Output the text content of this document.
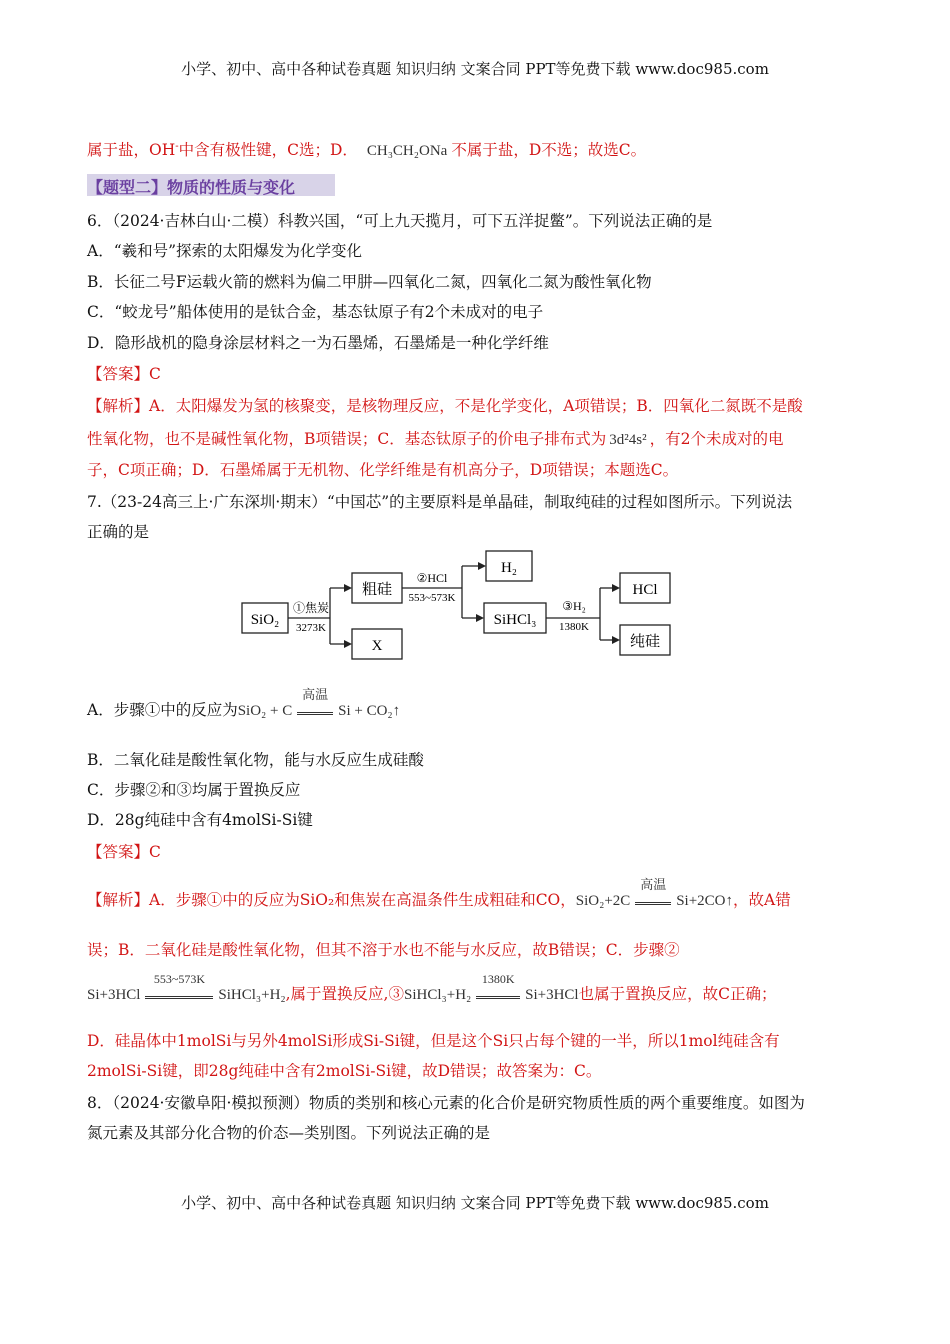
小学、初中、高中各种试卷真题 知识归纳 文案合同 PPT等免费下载 www.doc985.com
属于盐，OH-中含有极性键，C选；D． CH₃CH₂ONa 不属于盐，D不选；故选C。
【题型二】物质的性质与变化
6．（2024·吉林白山·二模）科教兴国，“可上九天揽月，可下五洋捉鳖”。下列说法正确的是
A．“羲和号”探索的太阳爆发为化学变化
B．长征二号F运载火箭的燃料为偏二甲肼—四氧化二氮，四氧化二氮为酸性氧化物
C．“蛟龙号”船体使用的是钛合金，基态钛原子有2个未成对的电子
D．隐形战机的隐身涂层材料之一为石墨烯，石墨烯是一种化学纤维
【答案】C
【解析】A．太阳爆发为氢的核聚变，是核物理反应，不是化学变化，A项错误；B．四氧化二氮既不是酸
性氧化物，也不是碱性氧化物，B项错误；C．基态钛原子的价电子排布式为 3d²4s² ，有2个未成对的电
子，C项正确；D．石墨烯属于无机物、化学纤维是有机高分子，D项错误；本题选C。
7.（23-24高三上·广东深圳·期末）“中国芯”的主要原料是单晶硅，制取纯硅的过程如图所示。下列说法
正确的是
SiO₂
①焦炭
3273K
粗硅
X
②HCl
553~573K
H₂
SiHCl₃
③H₂
1380K
HCl
纯硅
A．步骤①中的反应为SiO₂ + C
高温
Si + CO₂↑
B．二氧化硅是酸性氧化物，能与水反应生成硅酸
C．步骤②和③均属于置换反应
D．28g纯硅中含有4molSi-Si键
【答案】C
【解析】A．步骤①中的反应为SiO₂和焦炭在高温条件生成粗硅和CO，SiO₂+2C
高温
Si+2CO↑，故A错
误；B．二氧化硅是酸性氧化物，但其不溶于水也不能与水反应，故B错误；C．步骤②
Si+3HCl
553~573K
SiHCl₃+H₂,属于置换反应,③SiHCl₃+H₂
1380K
Si+3HCl也属于置换反应，故C正确；
D．硅晶体中1molSi与另外4molSi形成Si-Si键，但是这个Si只占每个键的一半，所以1mol纯硅含有
2molSi-Si键，即28g纯硅中含有2molSi-Si键，故D错误；故答案为：C。
8．（2024·安徽阜阳·模拟预测）物质的类别和核心元素的化合价是研究物质性质的两个重要维度。如图为
氮元素及其部分化合物的价态—类别图。下列说法正确的是
小学、初中、高中各种试卷真题 知识归纳 文案合同 PPT等免费下载 www.doc985.com
